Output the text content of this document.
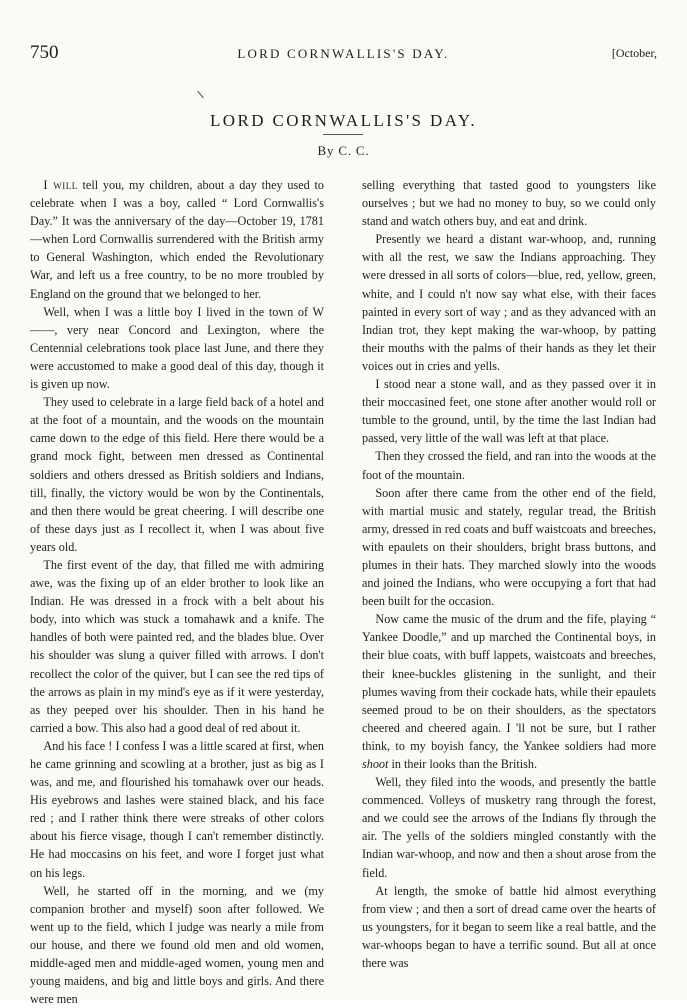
750	LORD CORNWALLIS'S DAY.	[October,
LORD CORNWALLIS'S DAY.
By C. C.

I will tell you, my children, about a day they used to celebrate when I was a boy, called “ Lord Cornwallis's Day.” It was the anniversary of the day—October 19, 1781—when Lord Cornwallis surrendered with the British army to General Washington, which ended the Revolutionary War, and left us a free country, to be no more troubled by England on the ground that we belonged to her.

Well, when I was a little boy I lived in the town of W——, very near Concord and Lexington, where the Centennial celebrations took place last June, and there they were accustomed to make a good deal of this day, though it is given up now.

They used to celebrate in a large field back of a hotel and at the foot of a mountain, and the woods on the mountain came down to the edge of this field. Here there would be a grand mock fight, between men dressed as Continental soldiers and others dressed as British soldiers and Indians, till, finally, the victory would be won by the Continentals, and then there would be great cheering. I will describe one of these days just as I recollect it, when I was about five years old.

The first event of the day, that filled me with admiring awe, was the fixing up of an elder brother to look like an Indian. He was dressed in a frock with a belt about his body, into which was stuck a tomahawk and a knife. The handles of both were painted red, and the blades blue. Over his shoulder was slung a quiver filled with arrows. I don't recollect the color of the quiver, but I can see the red tips of the arrows as plain in my mind's eye as if it were yesterday, as they peeped over his shoulder. Then in his hand he carried a bow. This also had a good deal of red about it.

And his face ! I confess I was a little scared at first, when he came grinning and scowling at a brother, just as big as I was, and me, and flourished his tomahawk over our heads. His eyebrows and lashes were stained black, and his face red ; and I rather think there were streaks of other colors about his fierce visage, though I can't remember distinctly. He had moccasins on his feet, and wore I forget just what on his legs.

Well, he started off in the morning, and we (my companion brother and myself) soon after followed. We went up to the field, which I judge was nearly a mile from our house, and there we found old men and old women, middle-aged men and middle-aged women, young men and young maidens, and big and little boys and girls. And there were men

selling everything that tasted good to youngsters like ourselves ; but we had no money to buy, so we could only stand and watch others buy, and eat and drink.

Presently we heard a distant war-whoop, and, running with all the rest, we saw the Indians approaching. They were dressed in all sorts of colors—blue, red, yellow, green, white, and I could n't now say what else, with their faces painted in every sort of way ; and as they advanced with an Indian trot, they kept making the war-whoop, by patting their mouths with the palms of their hands as they let their voices out in cries and yells.

I stood near a stone wall, and as they passed over it in their moccasined feet, one stone after another would roll or tumble to the ground, until, by the time the last Indian had passed, very little of the wall was left at that place.

Then they crossed the field, and ran into the woods at the foot of the mountain.

Soon after there came from the other end of the field, with martial music and stately, regular tread, the British army, dressed in red coats and buff waistcoats and breeches, with epaulets on their shoulders, bright brass buttons, and plumes in their hats. They marched slowly into the woods and joined the Indians, who were occupying a fort that had been built for the occasion.

Now came the music of the drum and the fife, playing “ Yankee Doodle,” and up marched the Continental boys, in their blue coats, with buff lappets, waistcoats and breeches, their knee-buckles glistening in the sunlight, and their plumes waving from their cockade hats, while their epaulets seemed proud to be on their shoulders, as the spectators cheered and cheered again. I 'll not be sure, but I rather think, to my boyish fancy, the Yankee soldiers had more shoot in their looks than the British.

Well, they filed into the woods, and presently the battle commenced. Volleys of musketry rang through the forest, and we could see the arrows of the Indians fly through the air. The yells of the soldiers mingled constantly with the Indian war-whoop, and now and then a shout arose from the field.

At length, the smoke of battle hid almost everything from view ; and then a sort of dread came over the hearts of us youngsters, for it began to seem like a real battle, and the war-whoops began to have a terrific sound. But all at once there was
